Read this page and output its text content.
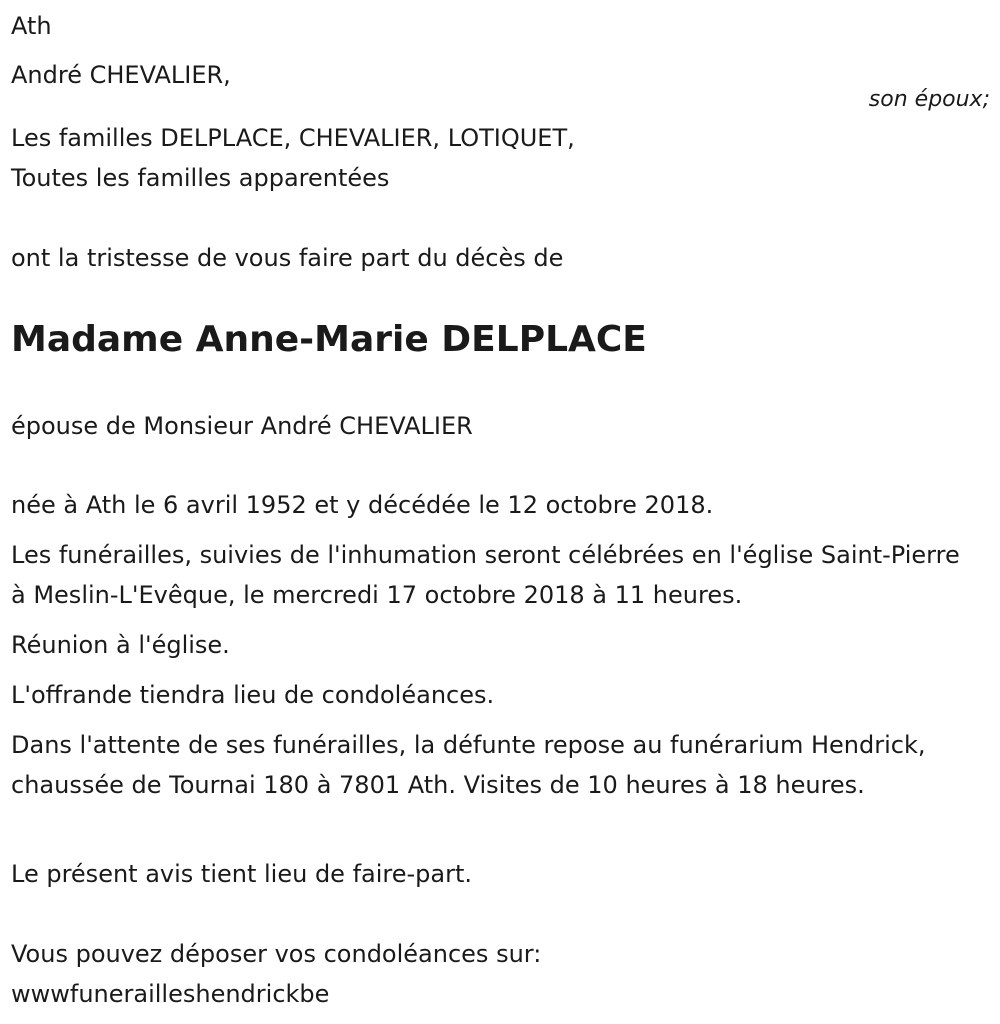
Ath
André CHEVALIER,
son époux;
Les familles DELPLACE, CHEVALIER, LOTIQUET,
Toutes les familles apparentées
ont la tristesse de vous faire part du décès de
Madame Anne-Marie DELPLACE
épouse de Monsieur André CHEVALIER
née à Ath le 6 avril 1952 et y décédée le 12 octobre 2018.
Les funérailles, suivies de l'inhumation seront célébrées en l'église Saint-Pierre à Meslin-L'Evêque, le mercredi 17 octobre 2018 à 11 heures.
Réunion à l'église.
L'offrande tiendra lieu de condoléances.
Dans l'attente de ses funérailles, la défunte repose au funérarium Hendrick, chaussée de Tournai 180 à 7801 Ath. Visites de 10 heures à 18 heures.
Le présent avis tient lieu de faire-part.
Vous pouvez déposer vos condoléances sur:
wwwfunerailleshendrickbe
